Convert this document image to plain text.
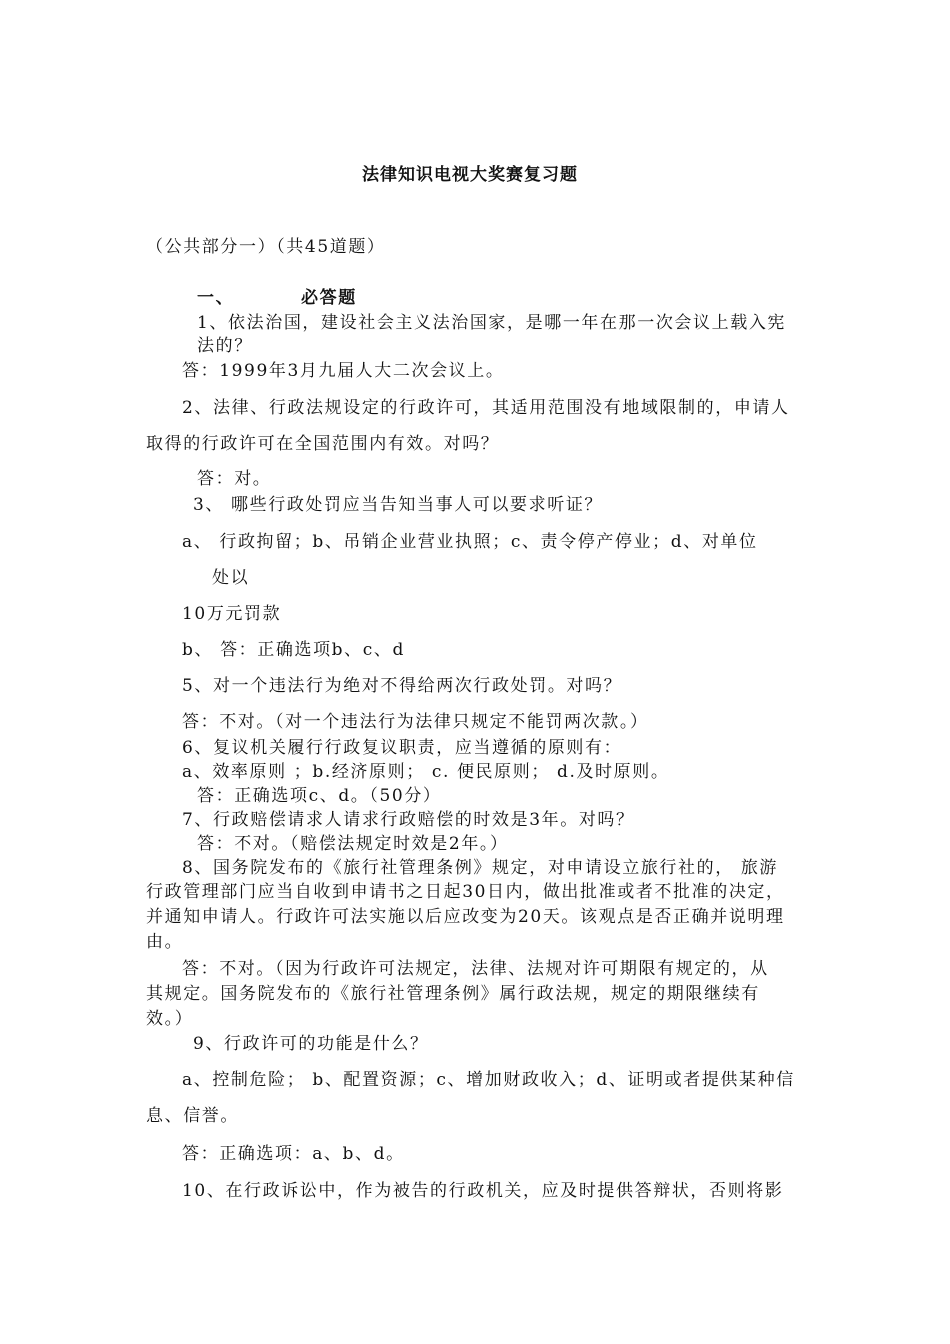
法律知识电视大奖赛复习题
（公共部分一）（共45道题）
一、	必答题
1、依法治国，建设社会主义法治国家，是哪一年在那一次会议上载入宪
法的？
答：1999年3月九届人大二次会议上。
2、法律、行政法规设定的行政许可，其适用范围没有地域限制的，申请人
取得的行政许可在全国范围内有效。对吗？
答：对。
3、 哪些行政处罚应当告知当事人可以要求听证？
a、 行政拘留；b、吊销企业营业执照；c、责令停产停业；d、对单位
处以
10万元罚款
b、 答：正确选项b、c、d
5、对一个违法行为绝对不得给两次行政处罚。对吗？
答：不对。（对一个违法行为法律只规定不能罚两次款。）
6、复议机关履行行政复议职责，应当遵循的原则有：
a、效率原则 ；b.经济原则； c. 便民原则； d.及时原则。
答：正确选项c、d。（50分）
7、行政赔偿请求人请求行政赔偿的时效是3年。对吗？
答：不对。（赔偿法规定时效是2年。）
8、国务院发布的《旅行社管理条例》规定，对申请设立旅行社的， 旅游
行政管理部门应当自收到申请书之日起30日内，做出批准或者不批准的决定，
并通知申请人。行政许可法实施以后应改变为20天。该观点是否正确并说明理
由。
答：不对。（因为行政许可法规定，法律、法规对许可期限有规定的，从
其规定。国务院发布的《旅行社管理条例》属行政法规，规定的期限继续有
效。）
9、行政许可的功能是什么？
a、控制危险； b、配置资源；c、增加财政收入；d、证明或者提供某种信
息、信誉。
答：正确选项：a、b、d。
10、在行政诉讼中，作为被告的行政机关，应及时提供答辩状，否则将影
